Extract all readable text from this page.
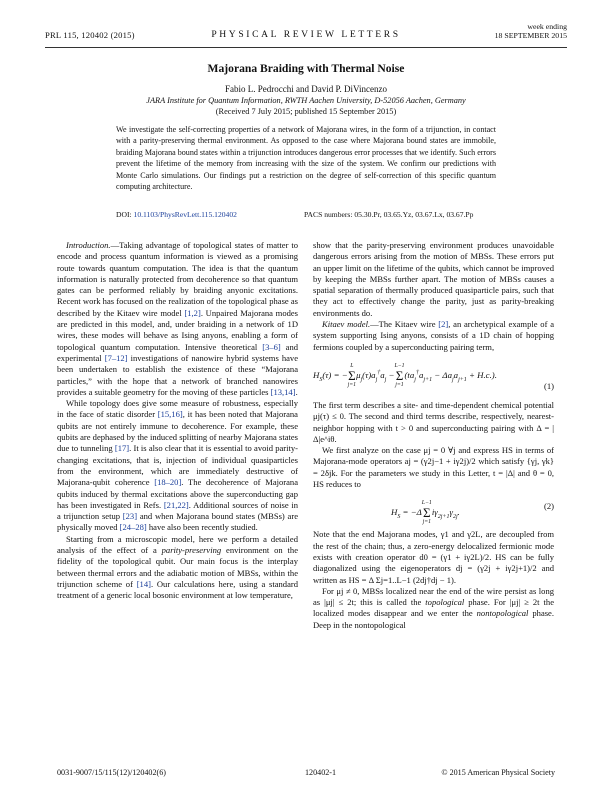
PRL 115, 120402 (2015)	PHYSICAL REVIEW LETTERS
week ending
18 SEPTEMBER 2015
Majorana Braiding with Thermal Noise
Fabio L. Pedrocchi and David P. DiVincenzo
JARA Institute for Quantum Information, RWTH Aachen University, D-52056 Aachen, Germany
(Received 7 July 2015; published 15 September 2015)
We investigate the self-correcting properties of a network of Majorana wires, in the form of a trijunction, in contact with a parity-preserving thermal environment. As opposed to the case where Majorana bound states are immobile, braiding Majorana bound states within a trijunction introduces dangerous error processes that we identify. Such errors prevent the lifetime of the memory from increasing with the size of the system. We confirm our predictions with Monte Carlo simulations. Our findings put a restriction on the degree of self-correction of this specific quantum computing architecture.
DOI: 10.1103/PhysRevLett.115.120402	PACS numbers: 05.30.Pr, 03.65.Yz, 03.67.Lx, 03.67.Pp

Introduction.—Taking advantage of topological states of matter to encode and process quantum information is viewed as a promising route towards quantum computation. The idea is that the quantum information is naturally protected from decoherence so that quantum gates can be performed reliably by braiding anyonic excitations. Recent work has focused on the realization of the topological phase as described by the Kitaev wire model [1,2]. Unpaired Majorana modes are predicted in this model, and, under braiding in a network of 1D wires, these modes will behave as Ising anyons, enabling a form of topological quantum computation. Intensive theoretical [3–6] and experimental [7–12] investigations of nanowire hybrid systems have been undertaken to establish the existence of these “Majorana particles,” with the hope that a network of branched nanowires provides a suitable geometry for the moving of these particles [13,14].

While topology does give some measure of robustness, especially in the face of static disorder [15,16], it has been noted that Majorana qubits are not entirely immune to decoherence. For example, these qubits are dephased by the induced splitting of nearby Majorana states due to tunneling [17]. It is also clear that it is essential to avoid parity-changing excitations, that is, injection of individual quasiparticles from the environment, which are immediately destructive of Majorana-qubit coherence [18–20]. The decoherence of Majorana qubits induced by thermal excitations above the superconducting gap has been investigated in Refs. [21,22]. Additional sources of noise in a trijunction setup [23] and when Majorana bound states (MBSs) are physically moved [24–28] have also been recently studied.

Starting from a microscopic model, here we perform a detailed analysis of the effect of a parity-preserving environment on the fidelity of the topological qubit. Our main focus is the interplay between thermal errors and the adiabatic motion of MBSs, within the trijunction scheme of [14]. Our calculations here, using a standard treatment of a generic local bosonic environment at low temperature,

show that the parity-preserving environment produces unavoidable dangerous errors arising from the motion of MBSs. These errors put an upper limit on the lifetime of the qubits, which cannot be improved by keeping the MBSs further apart. The motion of MBSs causes a spatial separation of thermally produced quasiparticle pairs, such that they act to effectively change the parity, just as parity-breaking environments do.

Kitaev model.—The Kitaev wire [2], an archetypical example of a system supporting Ising anyons, consists of a 1D chain of hopping fermions coupled by a superconducting pairing term,

$H_S(\tau)$ = −
L
Σ
j=1
$\mu_j(\tau)a_j^\dagger a_j$ −
L−1
Σ
j=1
$(ta_j^\dagger a_{j+1} - \Delta a_ja_{j+1} + H.c.)$.
(1)

The first term describes a site- and time-dependent chemical potential μj(τ) ≤ 0. The second and third terms describe, respectively, nearest-neighbor hopping with t > 0 and superconducting pairing with Δ = |Δ|e^iθ.

We first analyze on the case μj = 0 ∀j and express HS in terms of Majorana-mode operators aj = (γ2j−1 + iγ2j)/2 which satisfy {γj, γk} = 2δjk. For the parameters we study in this Letter, t = |Δ| and θ = 0, HS reduces to

$H_S = -\Delta$
L−1
Σ
j=1
$i\gamma_{2j+1}\gamma_{2j}$.
(2)

Note that the end Majorana modes, γ1 and γ2L, are decoupled from the rest of the chain; thus, a zero-energy delocalized fermionic mode exists with creation operator d0 = (γ1 + iγ2L)/2. HS can be fully diagonalized using the eigenoperators dj = (γ2j + iγ2j+1)/2 and written as HS = Δ Σj=1..L−1 (2dj†dj − 1).

For μj ≠ 0, MBSs localized near the end of the wire persist as long as |μj| ≤ 2t; this is called the topological phase. For |μj| ≥ 2t the localized modes disappear and we enter the nontopological phase. Deep in the nontopological

0031-9007/15/115(12)/120402(6)	120402-1	© 2015 American Physical Society
